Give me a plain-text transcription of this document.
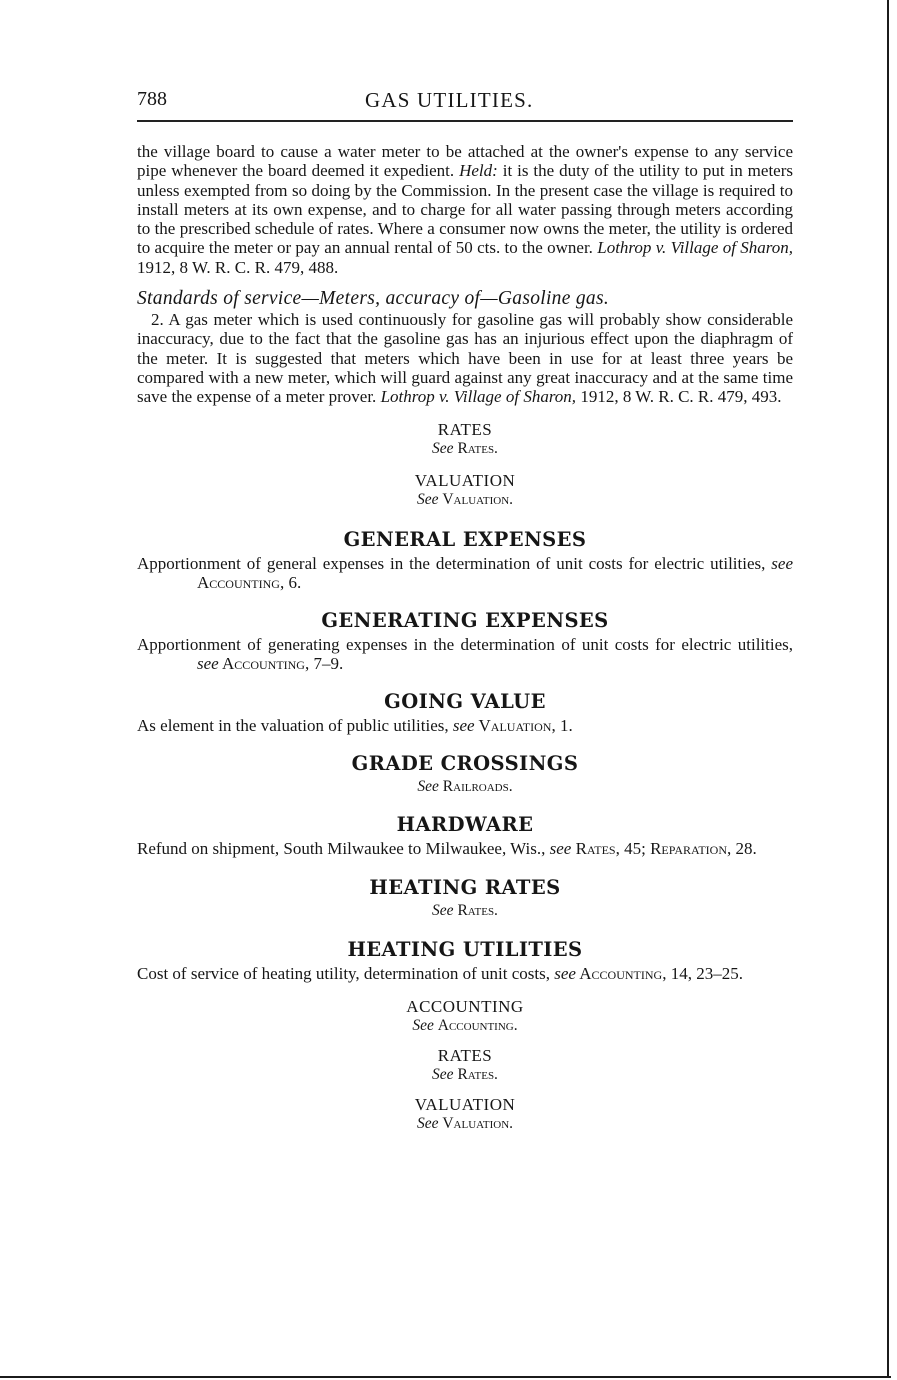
788	GAS UTILITIES.

the village board to cause a water meter to be attached at the owner's expense to any service pipe whenever the board deemed it expedient. Held: it is the duty of the utility to put in meters unless exempted from so doing by the Commission. In the present case the village is required to install meters at its own expense, and to charge for all water passing through meters according to the prescribed schedule of rates. Where a consumer now owns the meter, the utility is ordered to acquire the meter or pay an annual rental of 50 cts. to the owner. Lothrop v. Village of Sharon, 1912, 8 W. R. C. R. 479, 488.

Standards of service—Meters, accuracy of—Gasoline gas.

2. A gas meter which is used continuously for gasoline gas will probably show considerable inaccuracy, due to the fact that the gasoline gas has an injurious effect upon the diaphragm of the meter. It is suggested that meters which have been in use for at least three years be compared with a new meter, which will guard against any great inaccuracy and at the same time save the expense of a meter prover. Lothrop v. Village of Sharon, 1912, 8 W. R. C. R. 479, 493.

RATES
See Rates.
VALUATION
See Valuation.
GENERAL EXPENSES
Apportionment of general expenses in the determination of unit costs for electric utilities, see Accounting, 6.
GENERATING EXPENSES
Apportionment of generating expenses in the determination of unit costs for electric utilities, see Accounting, 7–9.
GOING VALUE
As element in the valuation of public utilities, see Valuation, 1.
GRADE CROSSINGS
See Railroads.
HARDWARE
Refund on shipment, South Milwaukee to Milwaukee, Wis., see Rates, 45; Reparation, 28.
HEATING RATES
See Rates.
HEATING UTILITIES
Cost of service of heating utility, determination of unit costs, see Accounting, 14, 23–25.
ACCOUNTING
See Accounting.
RATES
See Rates.
VALUATION
See Valuation.
